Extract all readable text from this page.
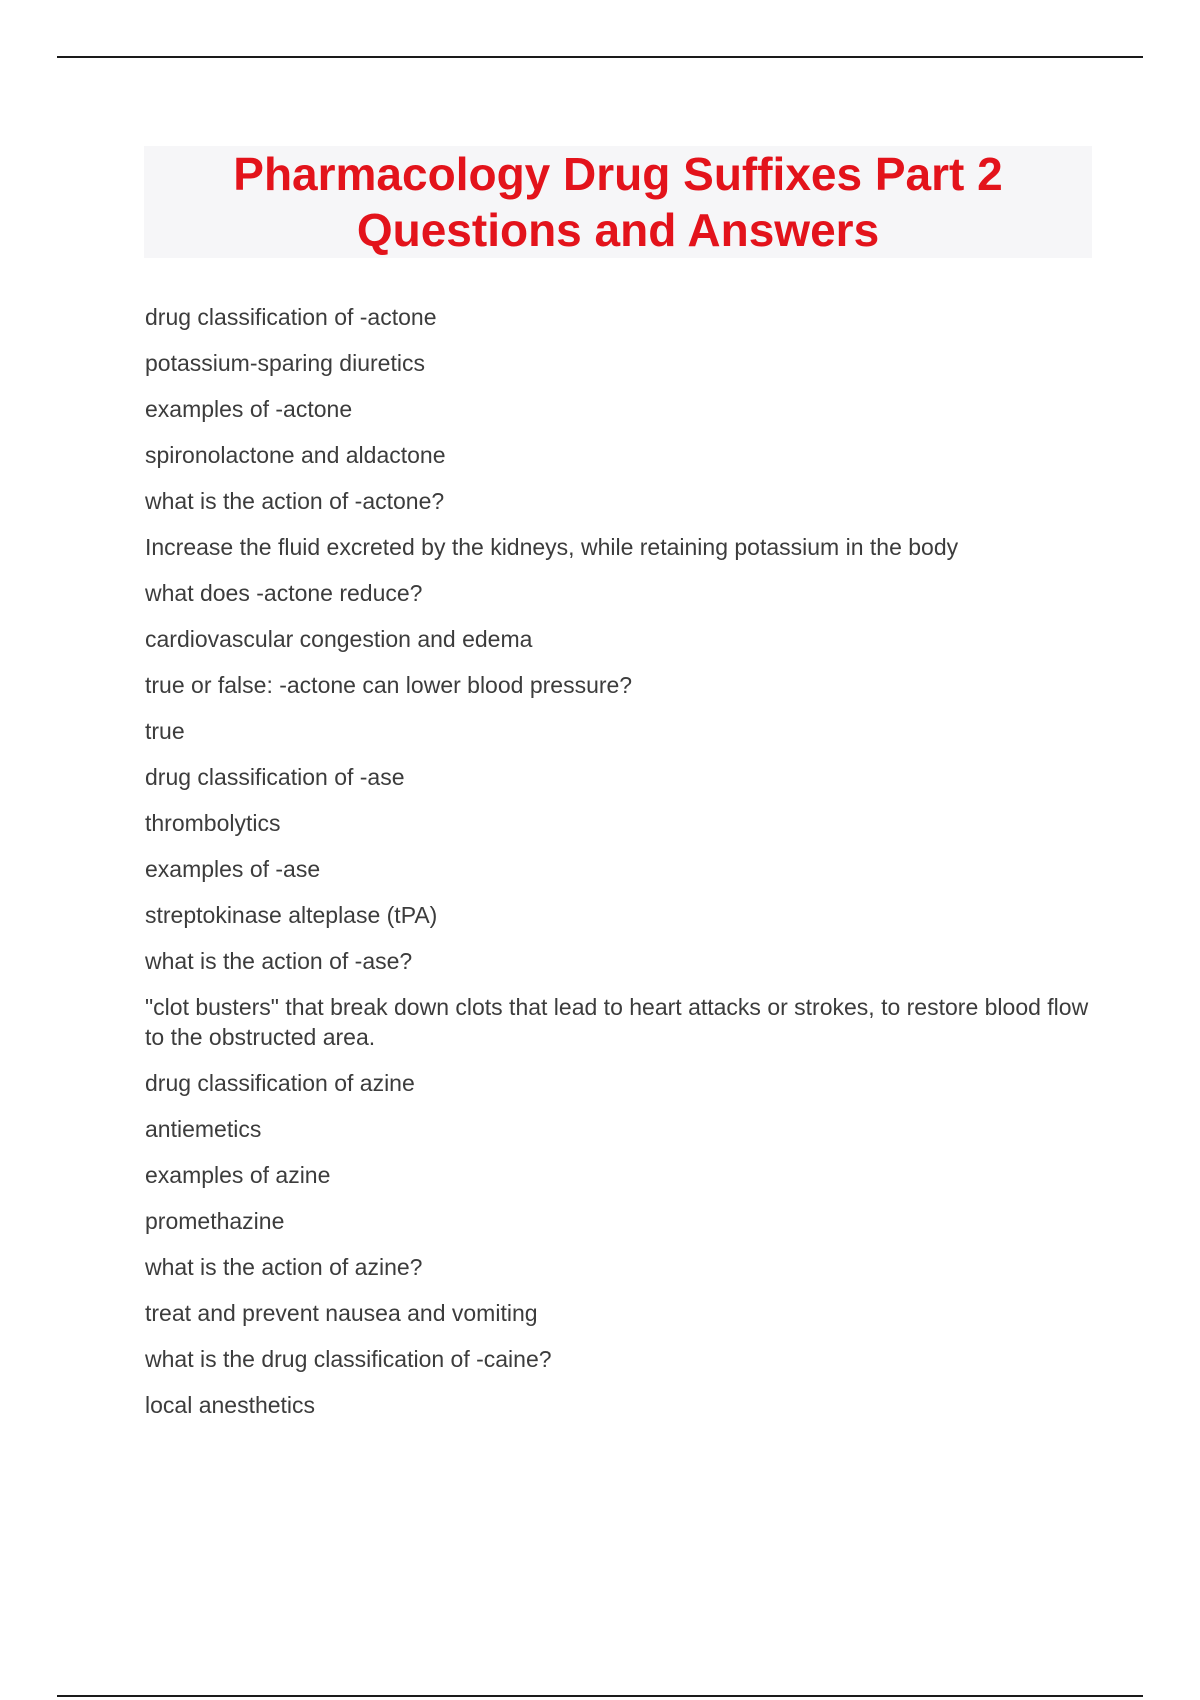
Pharmacology Drug Suffixes Part 2
Questions and Answers
drug classification of -actone
potassium-sparing diuretics
examples of -actone
spironolactone and aldactone
what is the action of -actone?
Increase the fluid excreted by the kidneys, while retaining potassium in the body
what does -actone reduce?
cardiovascular congestion and edema
true or false: -actone can lower blood pressure?
true
drug classification of -ase
thrombolytics
examples of -ase
streptokinase alteplase (tPA)
what is the action of -ase?
"clot busters" that break down clots that lead to heart attacks or strokes, to restore blood flow to the obstructed area.
drug classification of azine
antiemetics
examples of azine
promethazine
what is the action of azine?
treat and prevent nausea and vomiting
what is the drug classification of -caine?
local anesthetics
